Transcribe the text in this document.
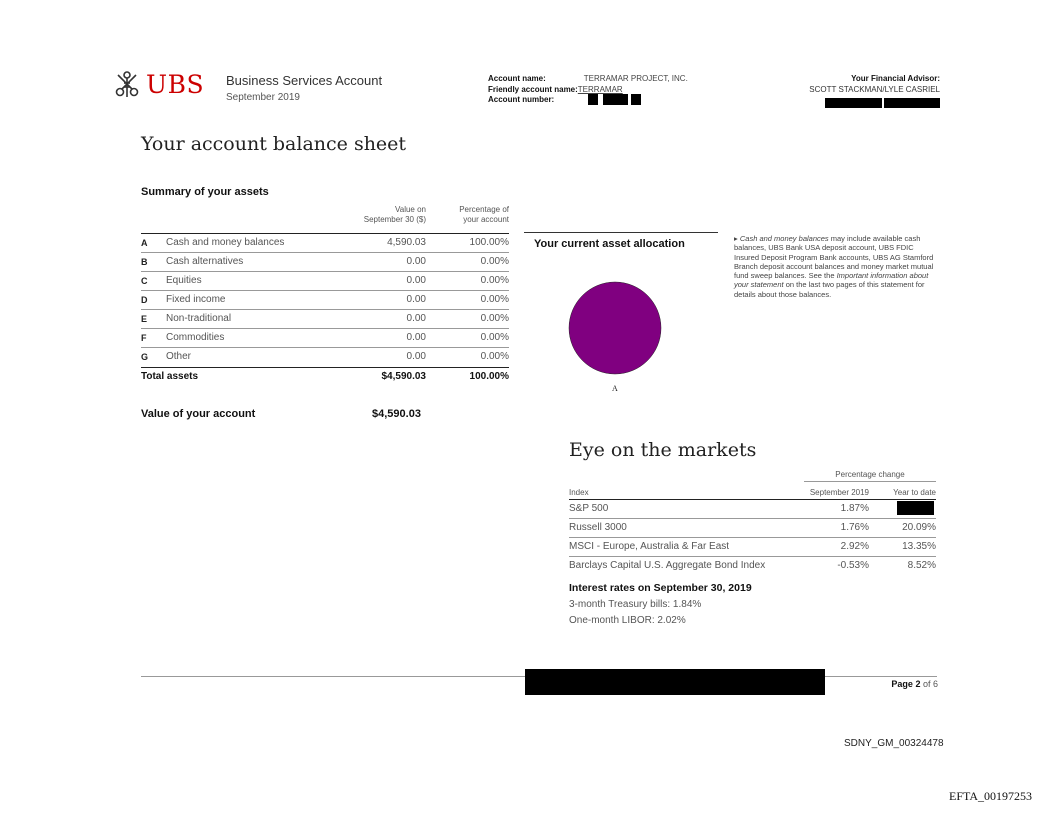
UBS Business Services Account
September 2019
Account name:	TERRAMAR PROJECT, INC.
Friendly account name:TERRAMAR
Account number:
Your Financial Advisor:
SCOTT STACKMAN/LYLE CASRIEL
Your account balance sheet
Summary of your assets
Value on
September 30 ($)
Percentage of
your account
A Cash and money balances	4,590.03	100.00%
B Cash alternatives	0.00	0.00%
C Equities	0.00	0.00%
D Fixed income	0.00	0.00%
E Non-traditional	0.00	0.00%
F Commodities	0.00	0.00%
G Other	0.00	0.00%
Total assets	$4,590.03	100.00%
Value of your account	$4,590.03
Your current asset allocation
A
▸ Cash and money balances may include available cash balances, UBS Bank USA deposit account, UBS FDIC Insured Deposit Program Bank accounts, UBS AG Stamford Branch deposit account balances and money market mutual fund sweep balances. See the Important information about your statement on the last two pages of this statement for details about those balances.
Eye on the markets
Percentage change
Index	September 2019	Year to date
S&P 500	1.87%
Russell 3000	1.76%	20.09%
MSCI - Europe, Australia & Far East	2.92%	13.35%
Barclays Capital U.S. Aggregate Bond Index	-0.53%	8.52%
Interest rates on September 30, 2019
3-month Treasury bills: 1.84%
One-month LIBOR: 2.02%
Page 2 of 6
SDNY_GM_00324478
EFTA_00197253
